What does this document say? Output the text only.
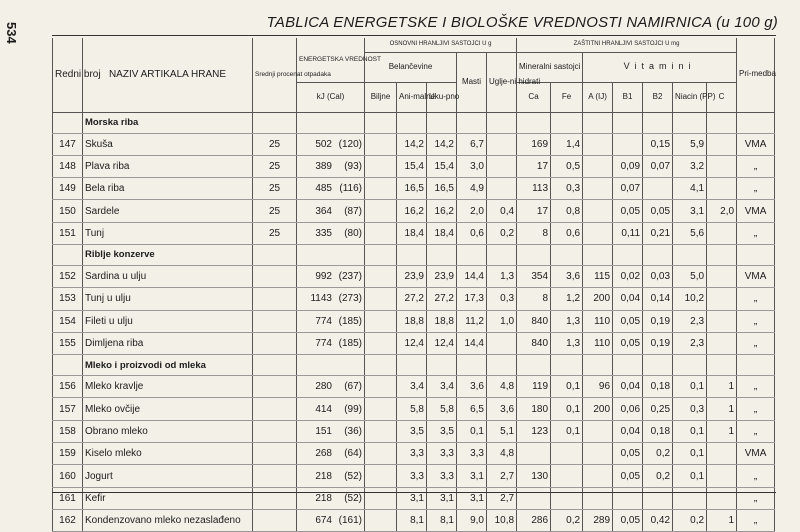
534	TABLICA ENERGETSKE I BIOLOŠKE VREDNOSTI NAMIRNICA (u 100 g)
Redni broj	NAZIV ARTIKALA HRANE	Srednji procenat otpadaka	ENERGETSKA VREDNOST	OSNOVNI HRANLJIVI SASTOJCI U g					ZAŠTITNI HRANLJIVI SASTOJCI U mg							Pri-medba
				Belančevine			Masti	Uglje-ni hidrati	Mineralni sastojci		Vitamini					
			kJ (Cal)	Biljne	Ani-malne	Uku-pno			Ca	Fe	A (IJ)	B1	B2	Niacin (PP)	C	
	Morska riba															
147	Skuša	25	502 (120)		14,2	14,2	6,7		169	1,4			0,15	5,9		VMA
148	Plava riba	25	389 (93)		15,4	15,4	3,0		17	0,5		0,09	0,07	3,2		„
149	Bela riba	25	485 (116)		16,5	16,5	4,9		113	0,3		0,07		4,1		„
150	Sardele	25	364 (87)		16,2	16,2	2,0	0,4	17	0,8		0,05	0,05	3,1	2,0	VMA
151	Tunj	25	335 (80)		18,4	18,4	0,6	0,2	8	0,6		0,11	0,21	5,6		„
	Riblje konzerve															
152	Sardina u ulju		992 (237)		23,9	23,9	14,4	1,3	354	3,6	115	0,02	0,03	5,0		VMA
153	Tunj u ulju		1143 (273)		27,2	27,2	17,3	0,3	8	1,2	200	0,04	0,14	10,2		„
154	Fileti u ulju		774 (185)		18,8	18,8	11,2	1,0	840	1,3	110	0,05	0,19	2,3		„
155	Dimljena riba		774 (185)		12,4	12,4	14,4		840	1,3	110	0,05	0,19	2,3		„
	Mleko i proizvodi od mleka															
156	Mleko kravlje		280 (67)		3,4	3,4	3,6	4,8	119	0,1	96	0,04	0,18	0,1	1	„
157	Mleko ovčije		414 (99)		5,8	5,8	6,5	3,6	180	0,1	200	0,06	0,25	0,3	1	„
158	Obrano mleko		151 (36)		3,5	3,5	0,1	5,1	123	0,1		0,04	0,18	0,1	1	„
159	Kiselo mleko		268 (64)		3,3	3,3	3,3	4,8				0,05	0,2	0,1		VMA
160	Jogurt		218 (52)		3,3	3,3	3,1	2,7	130			0,05	0,2	0,1		„
161	Kefir		218 (52)		3,1	3,1	3,1	2,7								„
162	Kondenzovano mleko nezaslađeno		674 (161)		8,1	8,1	9,0	10,8	286	0,2	289	0,05	0,42	0,2	1	„
